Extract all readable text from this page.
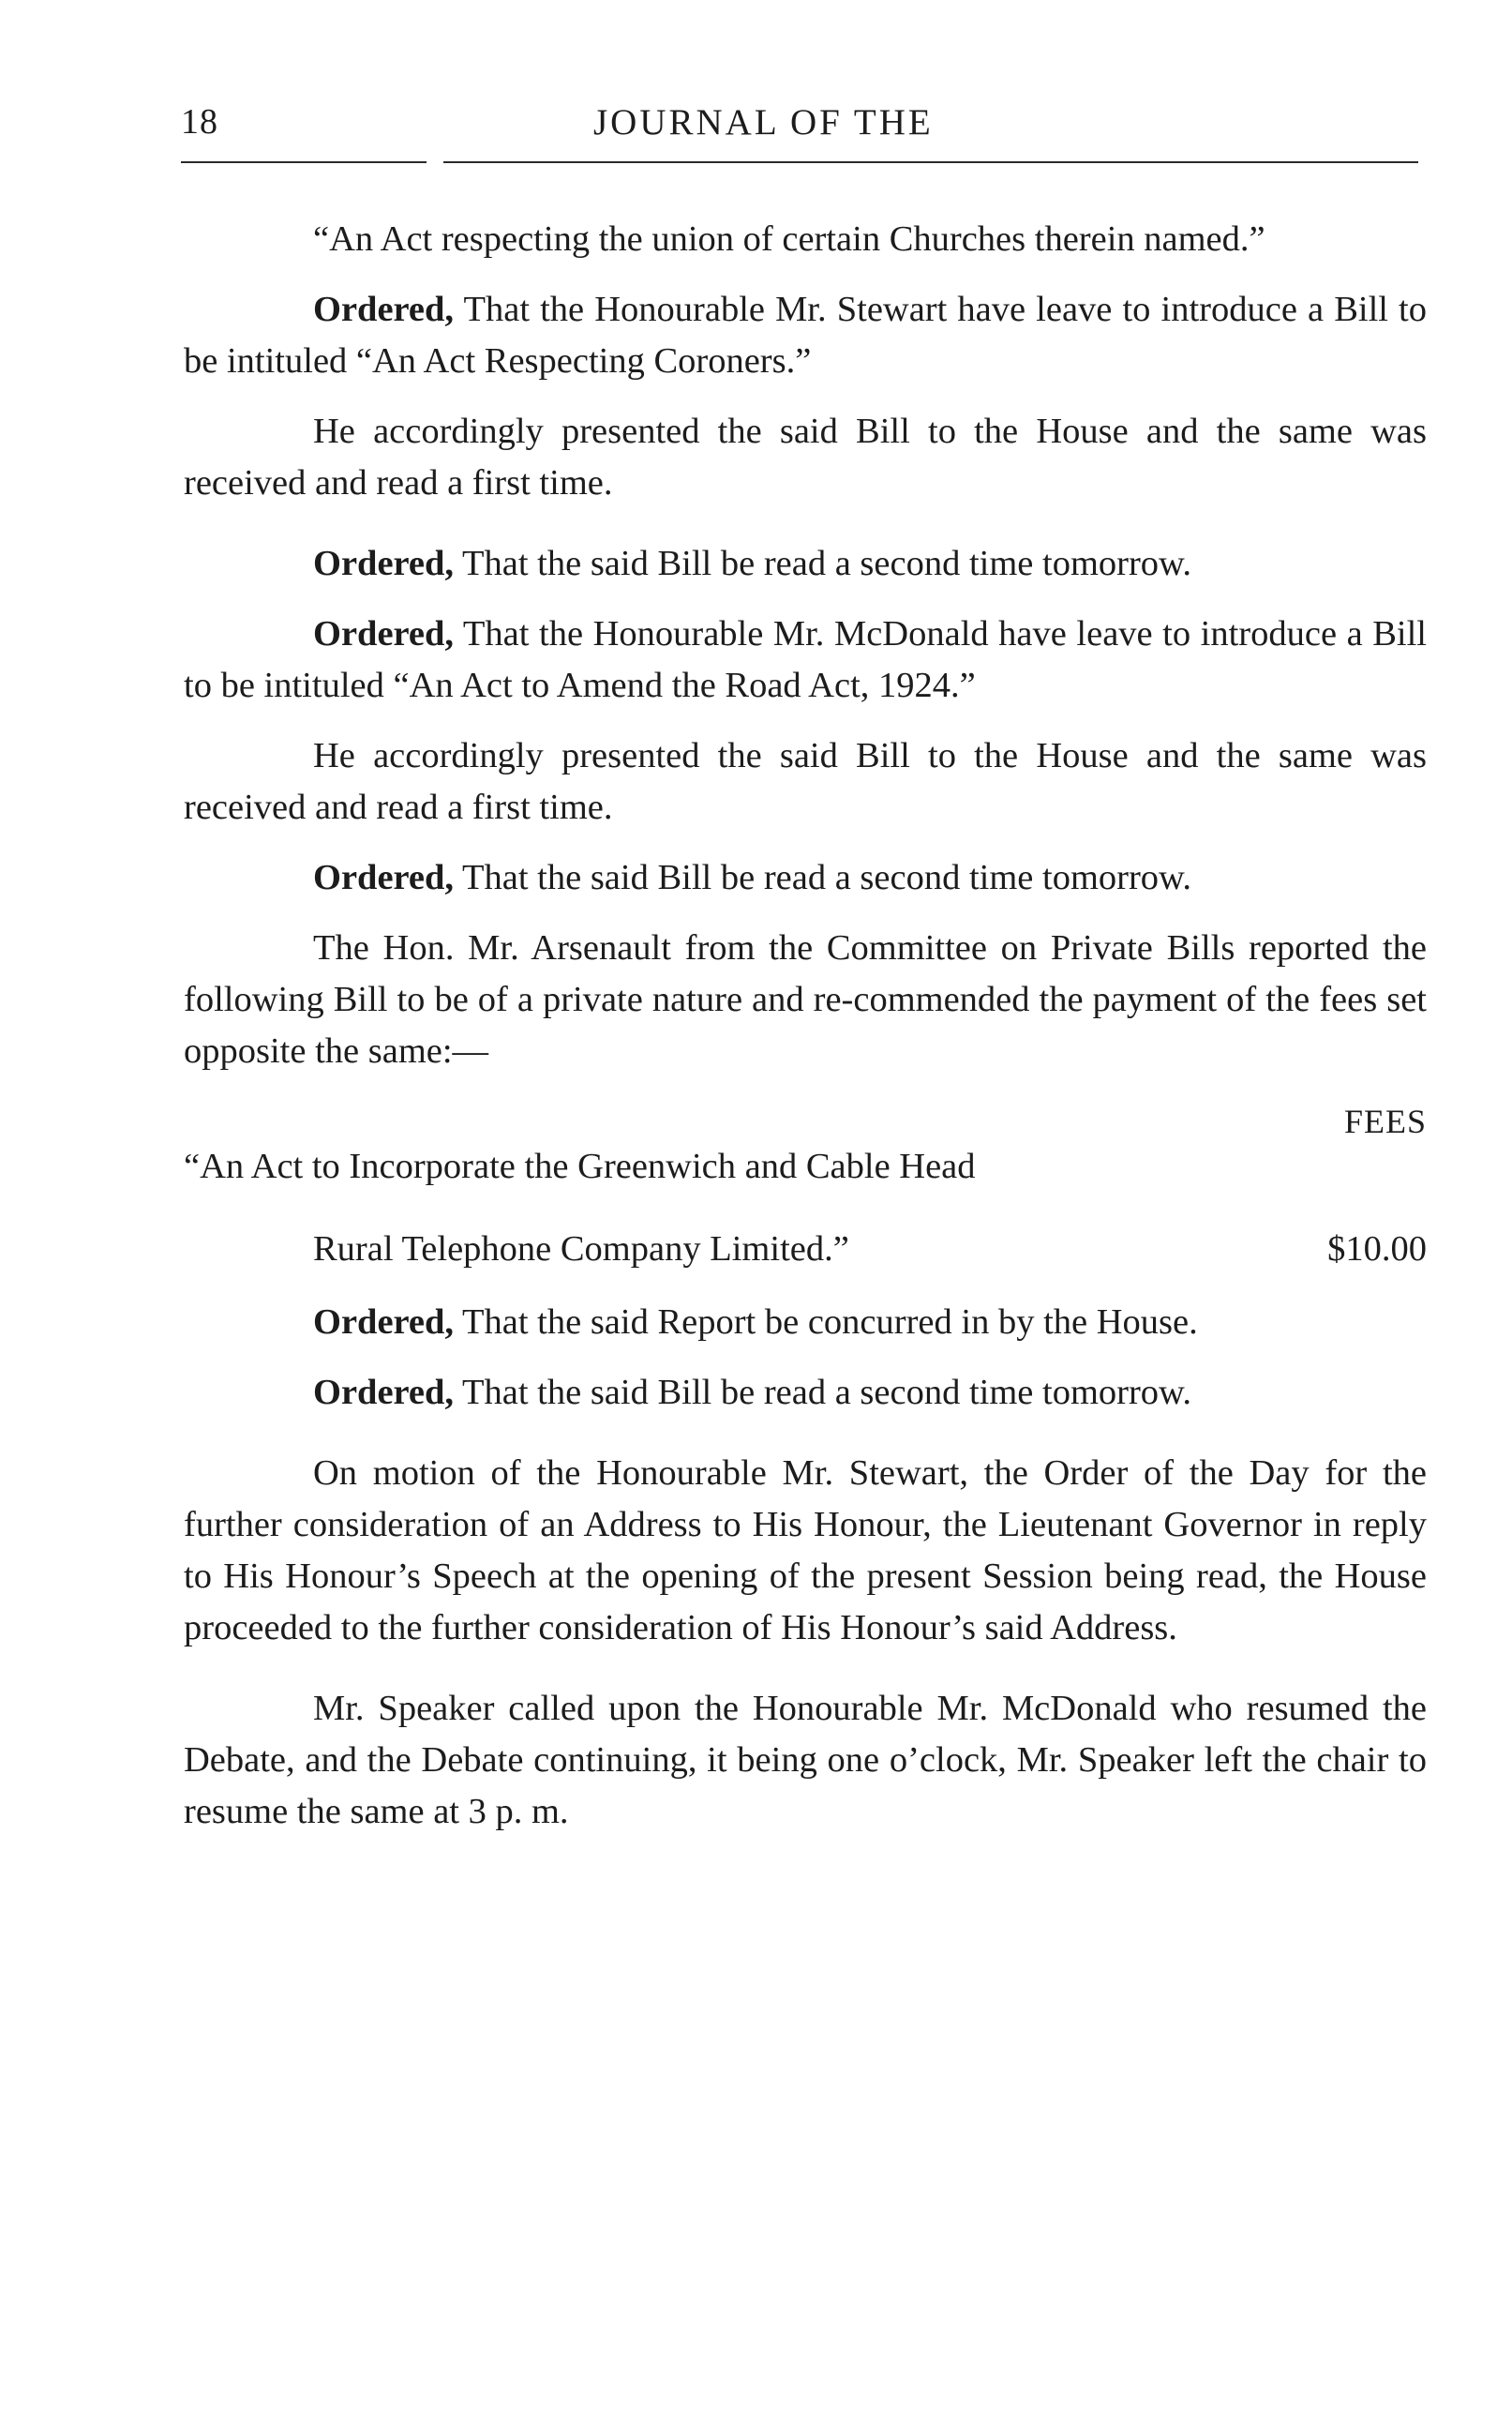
18	JOURNAL OF THE

“An Act respecting the union of certain Churches therein named.”

Ordered, That the Honourable Mr. Stewart have leave to introduce a Bill to be intituled “An Act Respecting Coroners.”

He accordingly presented the said Bill to the House and the same was received and read a first time.

Ordered, That the said Bill be read a second time tomorrow.

Ordered, That the Honourable Mr. McDonald have leave to introduce a Bill to be intituled “An Act to Amend the Road Act, 1924.”

He accordingly presented the said Bill to the House and the same was received and read a first time.

Ordered, That the said Bill be read a second time tomorrow.

The Hon. Mr. Arsenault from the Committee on Private Bills reported the following Bill to be of a private nature and re-commended the payment of the fees set opposite the same:—

FEES
“An Act to Incorporate the Greenwich and Cable Head
Rural Telephone Company Limited.”	$10.00

Ordered, That the said Report be concurred in by the House.

Ordered, That the said Bill be read a second time tomorrow.

On motion of the Honourable Mr. Stewart, the Order of the Day for the further consideration of an Address to His Honour, the Lieutenant Governor in reply to His Honour’s Speech at the opening of the present Session being read, the House proceeded to the further consideration of His Honour’s said Address.

Mr. Speaker called upon the Honourable Mr. McDonald who resumed the Debate, and the Debate continuing, it being one o’clock, Mr. Speaker left the chair to resume the same at 3 p. m.
